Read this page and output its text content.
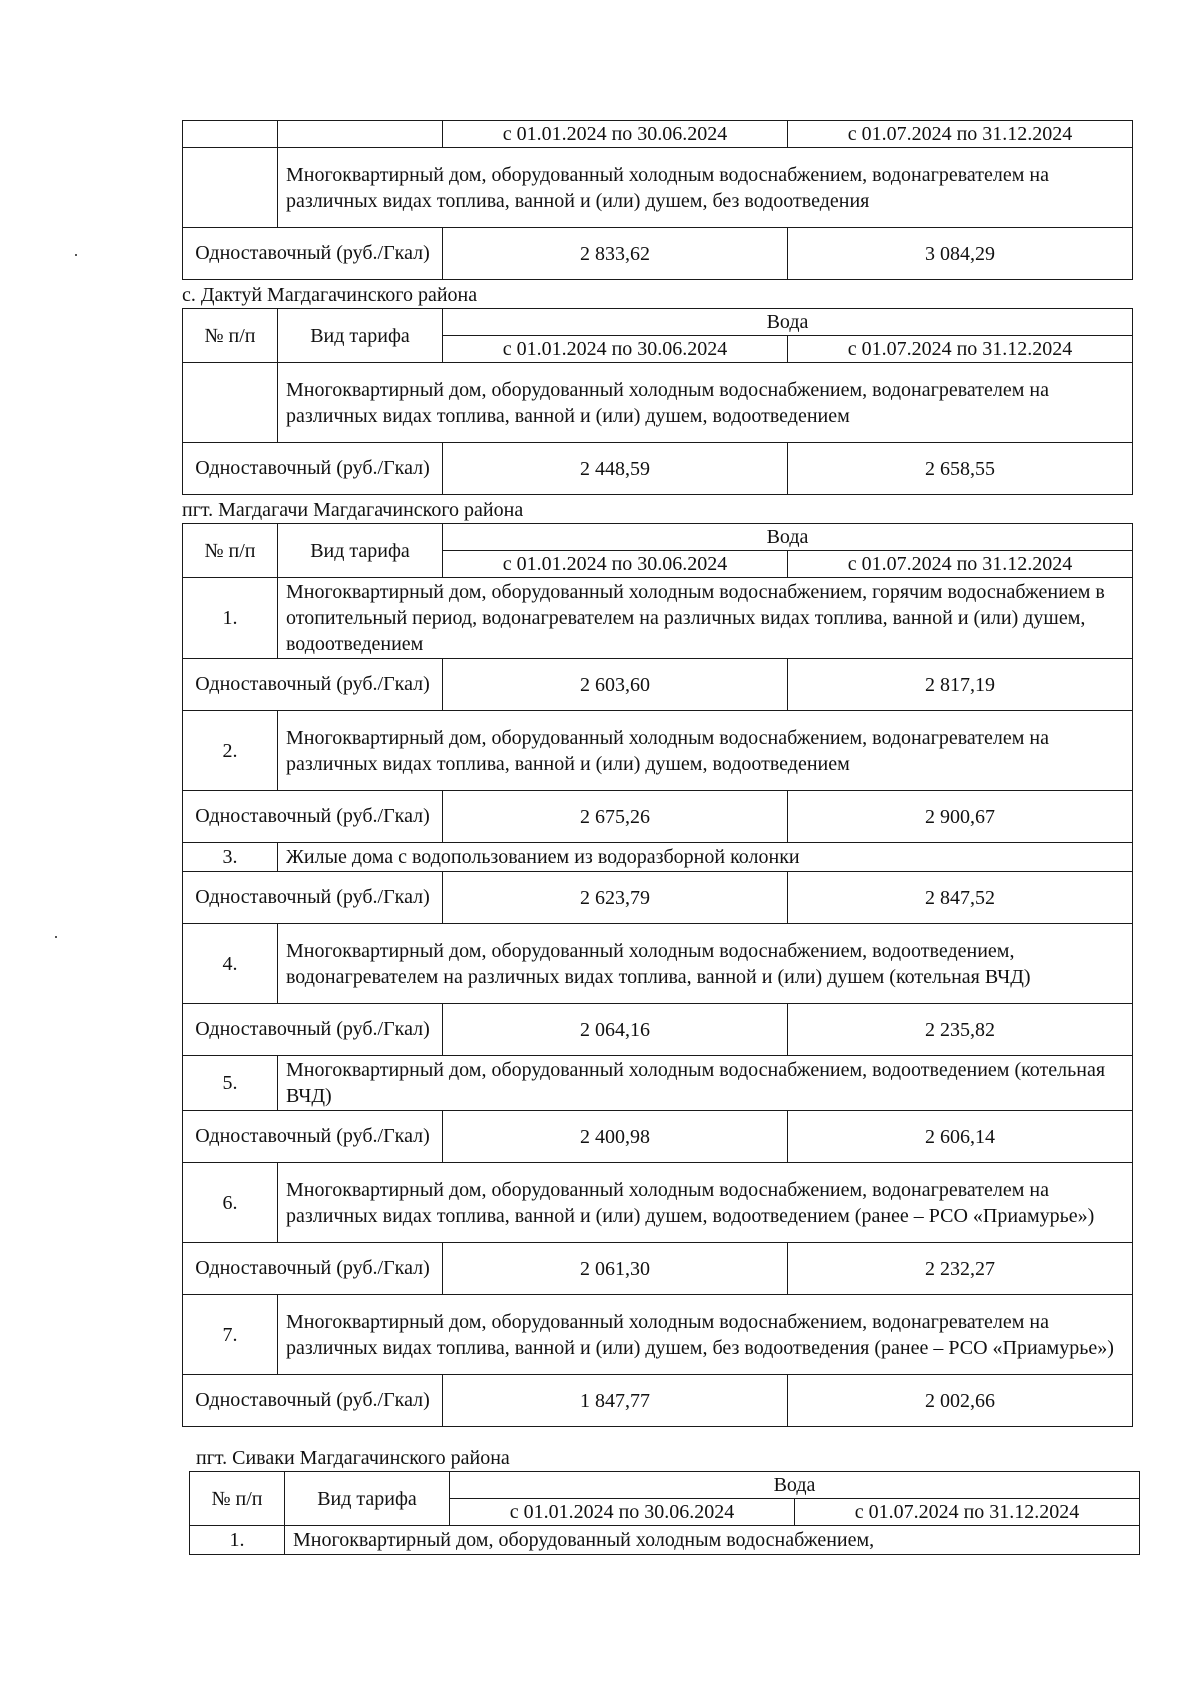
		с 01.01.2024 по 30.06.2024	с 01.07.2024 по 31.12.2024
	Многоквартирный дом, оборудованный холодным водоснабжением, водонагревателем на различных видах топлива, ванной и (или) душем, без водоотведения		
Одноставочный (руб./Гкал)		2 833,62	3 084,29
с. Дактуй Магдагачинского района
№ п/п	Вид тарифа	Вода	
		с 01.01.2024 по 30.06.2024	с 01.07.2024 по 31.12.2024
	Многоквартирный дом, оборудованный холодным водоснабжением, водонагревателем на различных видах топлива, ванной и (или) душем, водоотведением		
Одноставочный (руб./Гкал)		2 448,59	2 658,55
пгт. Магдагачи Магдагачинского района
№ п/п	Вид тарифа	Вода	
		с 01.01.2024 по 30.06.2024	с 01.07.2024 по 31.12.2024
1.	Многоквартирный дом, оборудованный холодным водоснабжением, горячим водоснабжением в отопительный период, водонагревателем на различных видах топлива, ванной и (или) душем, водоотведением		
Одноставочный (руб./Гкал)		2 603,60	2 817,19
2.	Многоквартирный дом, оборудованный холодным водоснабжением, водонагревателем на различных видах топлива, ванной и (или) душем, водоотведением		
Одноставочный (руб./Гкал)		2 675,26	2 900,67
3.	Жилые дома с водопользованием из водоразборной колонки		
Одноставочный (руб./Гкал)		2 623,79	2 847,52
4.	Многоквартирный дом, оборудованный холодным водоснабжением, водоотведением, водонагревателем на различных видах топлива, ванной и (или) душем (котельная ВЧД)		
Одноставочный (руб./Гкал)		2 064,16	2 235,82
5.	Многоквартирный дом, оборудованный холодным водоснабжением, водоотведением (котельная ВЧД)		
Одноставочный (руб./Гкал)		2 400,98	2 606,14
6.	Многоквартирный дом, оборудованный холодным водоснабжением, водонагревателем на различных видах топлива, ванной и (или) душем, водоотведением (ранее – РСО «Приамурье»)		
Одноставочный (руб./Гкал)		2 061,30	2 232,27
7.	Многоквартирный дом, оборудованный холодным водоснабжением, водонагревателем на различных видах топлива, ванной и (или) душем, без водоотведения (ранее – РСО «Приамурье»)		
Одноставочный (руб./Гкал)		1 847,77	2 002,66
пгт. Сиваки Магдагачинского района
№ п/п	Вид тарифа	Вода	
		с 01.01.2024 по 30.06.2024	с 01.07.2024 по 31.12.2024
1.	Многоквартирный дом, оборудованный холодным водоснабжением,		
